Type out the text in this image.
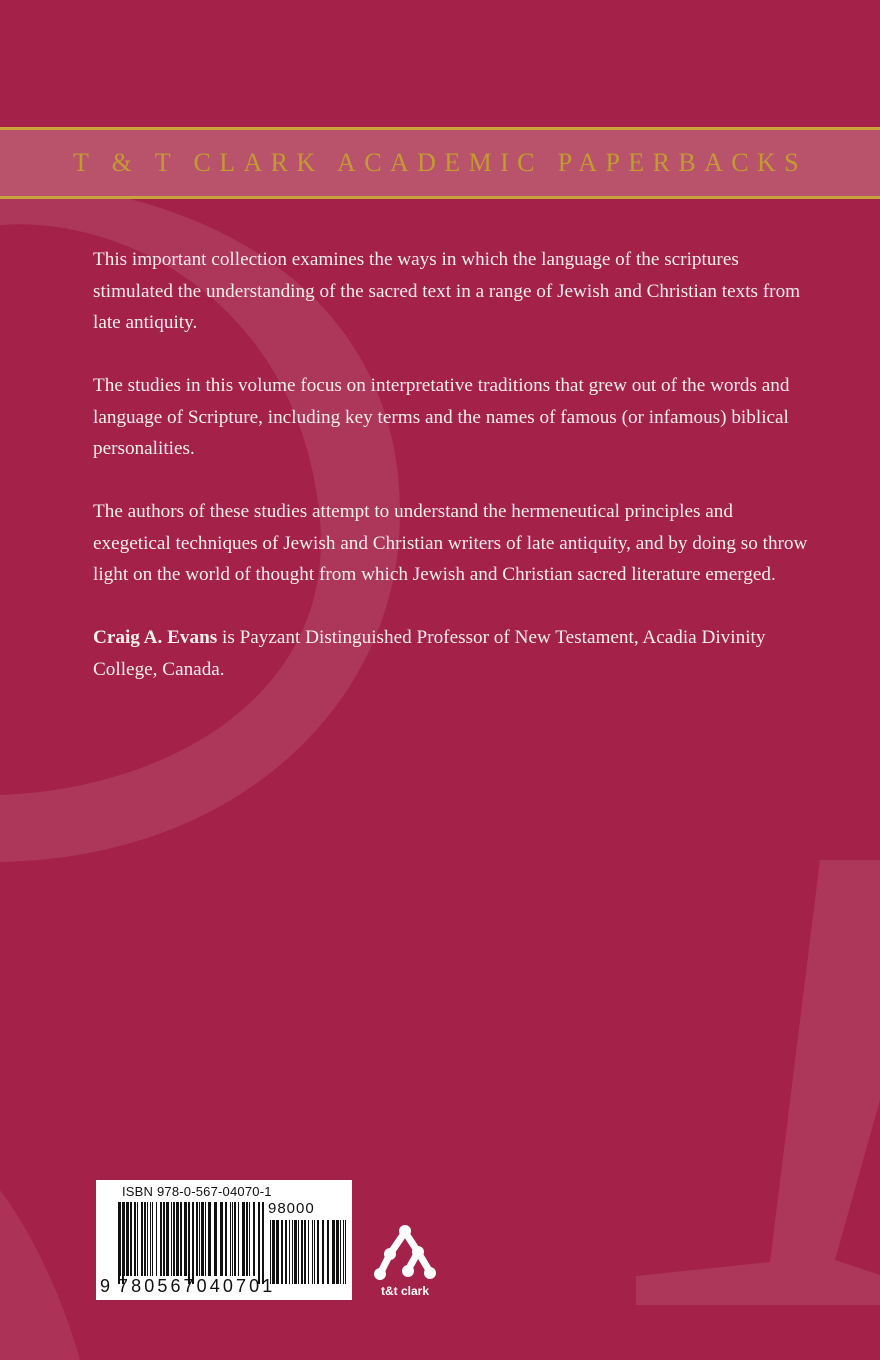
T & T CLARK ACADEMIC PAPERBACKS

This important collection examines the ways in which the language of the scriptures stimulated the understanding of the sacred text in a range of Jewish and Christian texts from late antiquity.

The studies in this volume focus on interpretative traditions that grew out of the words and language of Scripture, including key terms and the names of famous (or infamous) biblical personalities.

The authors of these studies attempt to understand the hermeneutical principles and exegetical techniques of Jewish and Christian writers of late antiquity, and by doing so throw light on the world of thought from which Jewish and Christian sacred literature emerged.

Craig A. Evans is Payzant Distinguished Professor of New Testament, Acadia Divinity College, Canada.

ISBN 978-0-567-04070-1
98000
9 780567040701	t&t clark
